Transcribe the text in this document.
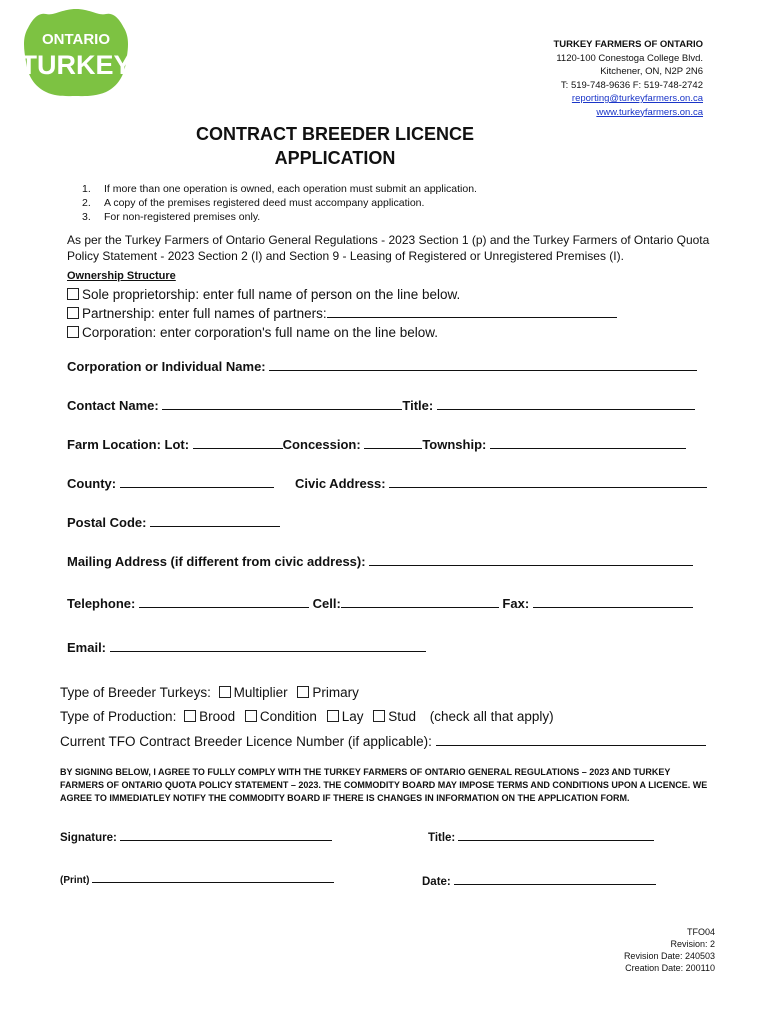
ONTARIO
TURKEY
TURKEY FARMERS OF ONTARIO
1120-100 Conestoga College Blvd.
Kitchener, ON, N2P 2N6
T: 519-748-9636 F: 519-748-2742
reporting@turkeyfarmers.on.ca
www.turkeyfarmers.on.ca
CONTRACT BREEDER LICENCE
APPLICATION
1. If more than one operation is owned, each operation must submit an application.
2. A copy of the premises registered deed must accompany application.
3. For non-registered premises only.
As per the Turkey Farmers of Ontario General Regulations - 2023 Section 1 (p) and the Turkey Farmers of Ontario Quota Policy Statement - 2023 Section 2 (I) and Section 9 - Leasing of Registered or Unregistered Premises (I).
Ownership Structure
Sole proprietorship: enter full name of person on the line below.
Partnership: enter full names of partners:
Corporation: enter corporation's full name on the line below.
Corporation or Individual Name:
Contact Name:	Title:
Farm Location: Lot:	Concession:	Township:
County:	Civic Address:
Postal Code:
Mailing Address (if different from civic address):
Telephone:	Cell:	Fax:
Email:
Type of Breeder Turkeys: Multiplier Primary
Type of Production: Brood Condition Lay Stud (check all that apply)
Current TFO Contract Breeder Licence Number (if applicable):
BY SIGNING BELOW, I AGREE TO FULLY COMPLY WITH THE TURKEY FARMERS OF ONTARIO GENERAL REGULATIONS – 2023 AND TURKEY FARMERS OF ONTARIO QUOTA POLICY STATEMENT – 2023. THE COMMODITY BOARD MAY IMPOSE TERMS AND CONDITIONS UPON A LICENCE. WE AGREE TO IMMEDIATLEY NOTIFY THE COMMODITY BOARD IF THERE IS CHANGES IN INFORMATION ON THE APPLICATION FORM.
Signature:	Title:
(Print)	Date:
TFO04
Revision: 2
Revision Date: 240503
Creation Date: 200110
